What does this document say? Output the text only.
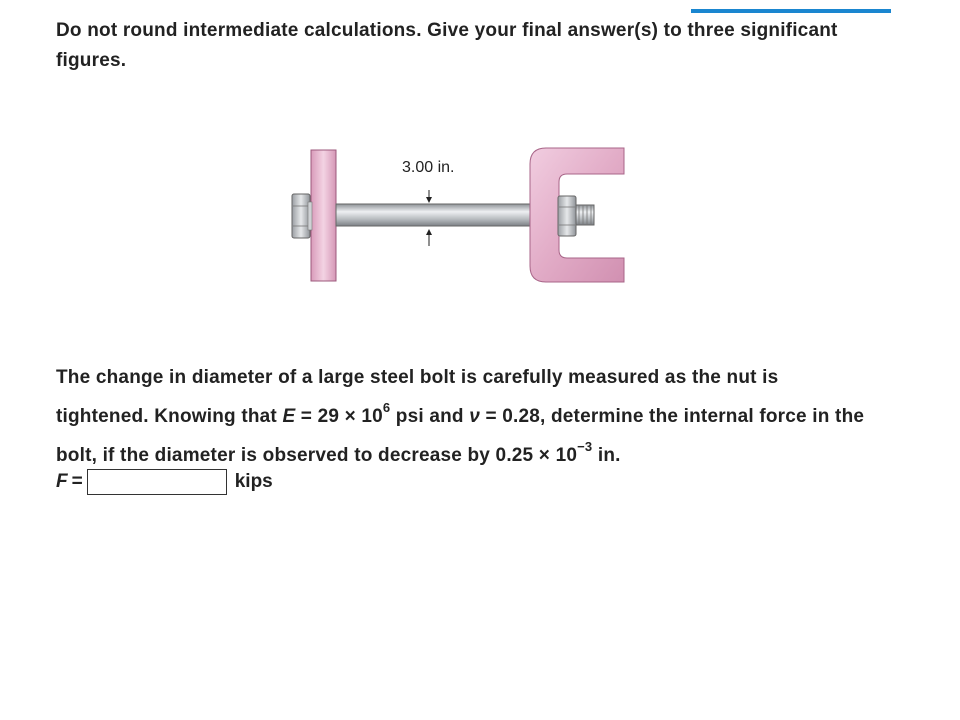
Do not round intermediate calculations. Give your final answer(s) to three significant figures.
3.00 in.
The change in diameter of a large steel bolt is carefully measured as the nut is tightened. Knowing that $E = 29 \times 10^6$ psi and ν = 0.28, determine the internal force in the bolt, if the diameter is observed to decrease by $0.25 \times 10^{-3}$ in.
F =	kips
